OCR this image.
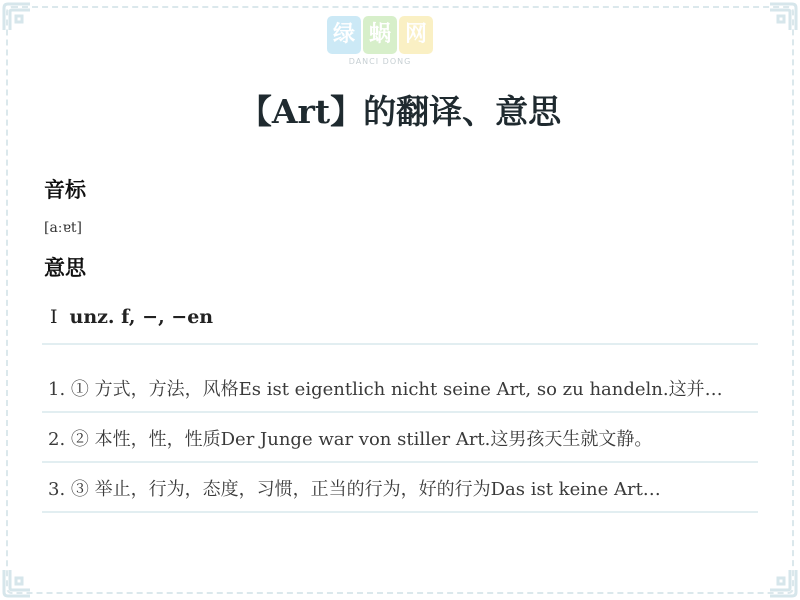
绿 蜗 网
DANCI DONG
【Art】的翻译、意思
音标
[aːɐt]
意思
Ⅰ unz. f, −, −en
1. ① 方式，方法，风格Es ist eigentlich nicht seine Art, so zu handeln.这并…
2. ② 本性，性，性质Der Junge war von stiller Art.这男孩天生就文静。
3. ③ 举止，行为，态度，习惯，正当的行为，好的行为Das ist keine Art…
